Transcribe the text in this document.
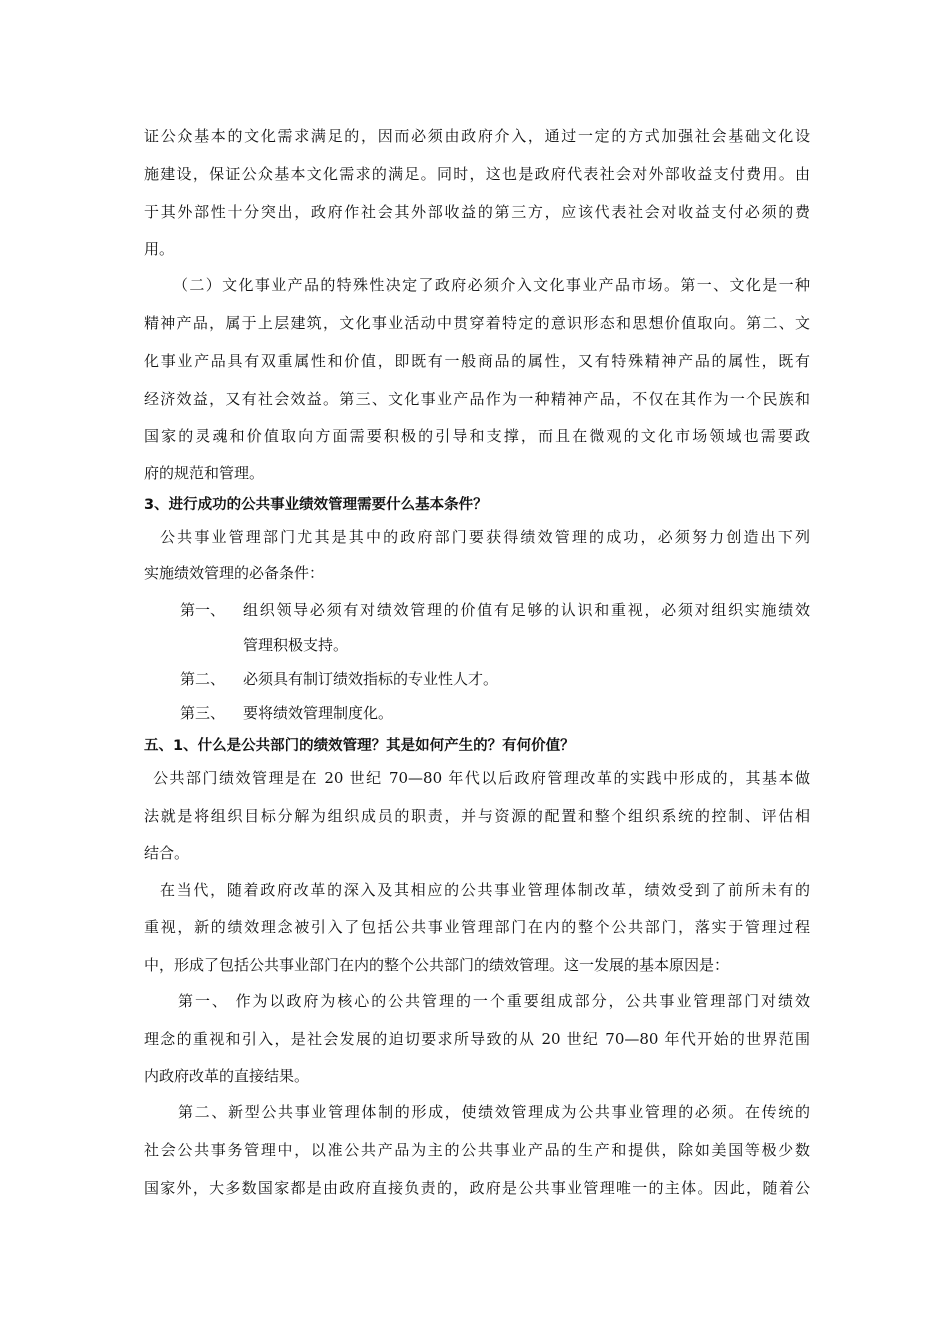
证公众基本的文化需求满足的，因而必须由政府介入，通过一定的方式加强社会基础文化设
施建设，保证公众基本文化需求的满足。同时，这也是政府代表社会对外部收益支付费用。由
于其外部性十分突出，政府作社会其外部收益的第三方，应该代表社会对收益支付必须的费
用。
（二）文化事业产品的特殊性决定了政府必须介入文化事业产品市场。第一、文化是一种
精神产品，属于上层建筑，文化事业活动中贯穿着特定的意识形态和思想价值取向。第二、文
化事业产品具有双重属性和价值，即既有一般商品的属性，又有特殊精神产品的属性，既有
经济效益，又有社会效益。第三、文化事业产品作为一种精神产品，不仅在其作为一个民族和
国家的灵魂和价值取向方面需要积极的引导和支撑，而且在微观的文化市场领域也需要政
府的规范和管理。
3、进行成功的公共事业绩效管理需要什么基本条件？
公共事业管理部门尤其是其中的政府部门要获得绩效管理的成功，必须努力创造出下列
实施绩效管理的必备条件：
第一、 组织领导必须有对绩效管理的价值有足够的认识和重视，必须对组织实施绩效
管理积极支持。
第二、 必须具有制订绩效指标的专业性人才。
第三、 要将绩效管理制度化。
五、1、什么是公共部门的绩效管理？其是如何产生的？有何价值？
公共部门绩效管理是在 20 世纪 70—80 年代以后政府管理改革的实践中形成的，其基本做
法就是将组织目标分解为组织成员的职责，并与资源的配置和整个组织系统的控制、评估相
结合。
在当代，随着政府改革的深入及其相应的公共事业管理体制改革，绩效受到了前所未有的
重视，新的绩效理念被引入了包括公共事业管理部门在内的整个公共部门，落实于管理过程
中，形成了包括公共事业部门在内的整个公共部门的绩效管理。这一发展的基本原因是：
第一、 作为以政府为核心的公共管理的一个重要组成部分，公共事业管理部门对绩效
理念的重视和引入，是社会发展的迫切要求所导致的从 20 世纪 70—80 年代开始的世界范围
内政府改革的直接结果。
第二、新型公共事业管理体制的形成，使绩效管理成为公共事业管理的必须。在传统的
社会公共事务管理中，以准公共产品为主的公共事业产品的生产和提供，除如美国等极少数
国家外，大多数国家都是由政府直接负责的，政府是公共事业管理唯一的主体。因此，随着公
